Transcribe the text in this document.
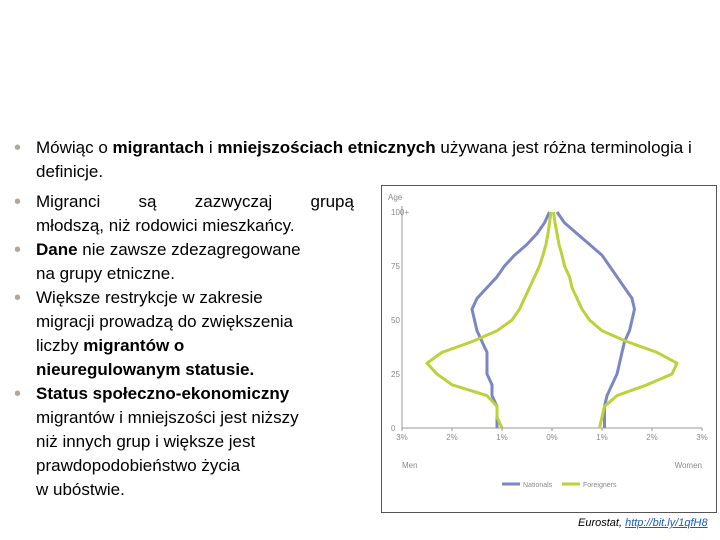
• Mówiąc o migrantach i mniejszościach etnicznych używana jest różna terminologia i definicje.
• Migranci są zazwyczaj grupą
młodszą, niż rodowici mieszkańcy.
• Dane nie zawsze zdezagregowane
na grupy etniczne.
• Większe restrykcje w zakresie
migracji prowadzą do zwiększenia
liczby migrantów o
nieuregulowanym statusie.
• Status społeczno-ekonomiczny
migrantów i mniejszości jest niższy
niż innych grup i większe jest
prawdopodobieństwo życia
w ubóstwie.
Age
0
25
50
75
100+
3%	2%	1%	0%	1%	2%	3%
Men	Women
Nationals	Foreigners
Eurostat, http://bit.ly/1qfH8
